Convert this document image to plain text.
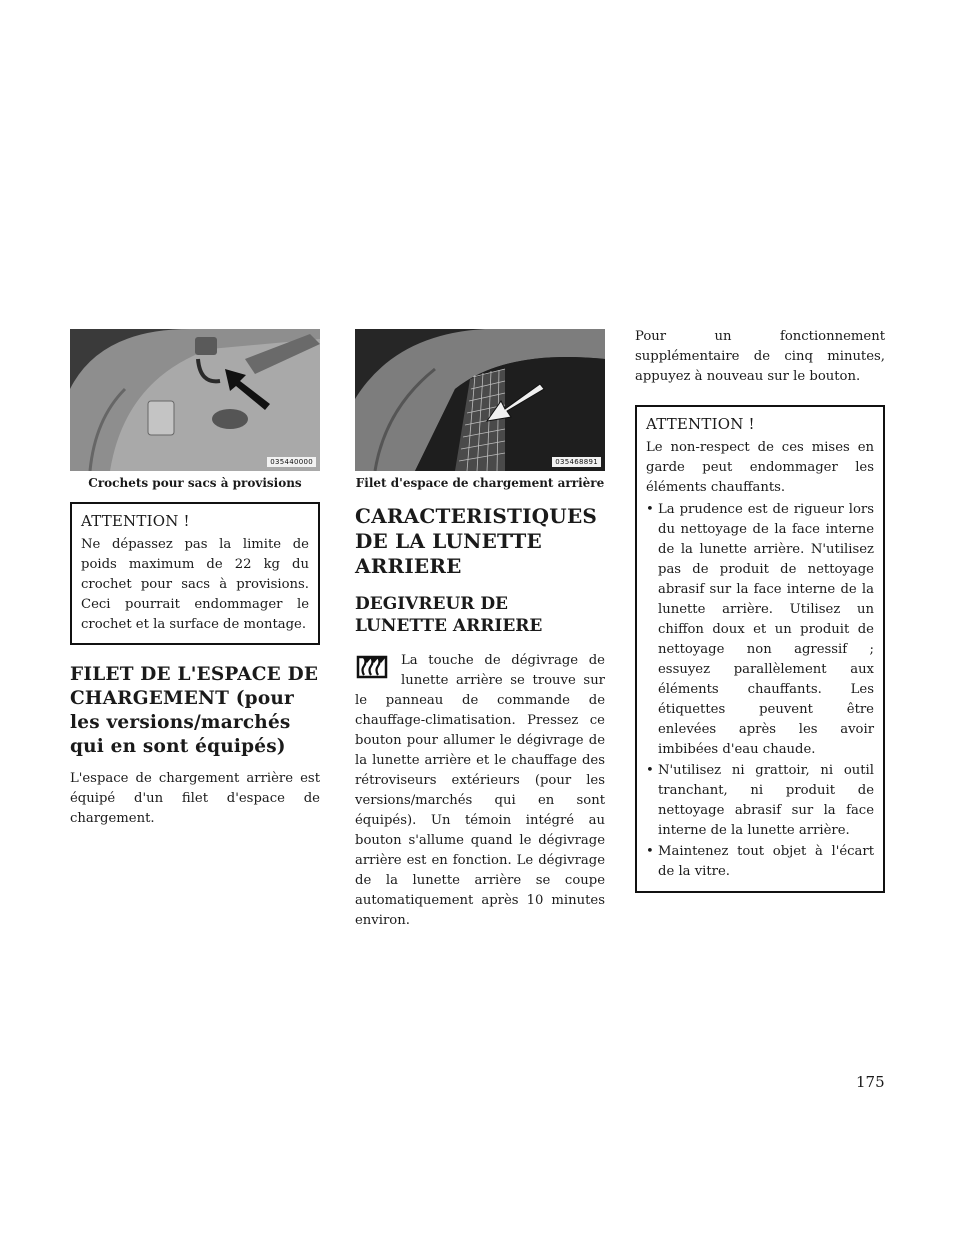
035440000
Crochets pour sacs à provisions
ATTENTION !

Ne dépassez pas la limite de poids maximum de 22 kg du crochet pour sacs à provisions. Ceci pourrait endommager le crochet et la surface de montage.

FILET DE L'ESPACE DE CHARGEMENT (pour les versions/marchés qui en sont équipés)

L'espace de chargement arrière est équipé d'un filet d'espace de chargement.

035468891
Filet d'espace de chargement arrière
CARACTERISTIQUES DE LA LUNETTE ARRIERE
DEGIVREUR DE LUNETTE ARRIERE

La touche de dégivrage de lunette arrière se trouve sur le panneau de commande de chauffage-climatisation. Pressez ce bouton pour allumer le dégivrage de la lunette arrière et le chauffage des rétroviseurs extérieurs (pour les versions/marchés qui en sont équipés). Un témoin intégré au bouton s'allume quand le dégivrage arrière est en fonction. Le dégivrage de la lunette arrière se coupe automatiquement après 10 minutes environ.

Pour un fonctionnement supplémentaire de cinq minutes, appuyez à nouveau sur le bouton.

ATTENTION !

Le non-respect de ces mises en garde peut endommager les éléments chauffants.

• La prudence est de rigueur lors du nettoyage de la face interne de la lunette arrière. N'utilisez pas de produit de nettoyage abrasif sur la face interne de la lunette arrière. Utilisez un chiffon doux et un produit de nettoyage non agressif ; essuyez parallèlement aux éléments chauffants. Les étiquettes peuvent être enlevées après les avoir imbibées d'eau chaude.
• N'utilisez ni grattoir, ni outil tranchant, ni produit de nettoyage abrasif sur la face interne de la lunette arrière.
• Maintenez tout objet à l'écart de la vitre.
175
